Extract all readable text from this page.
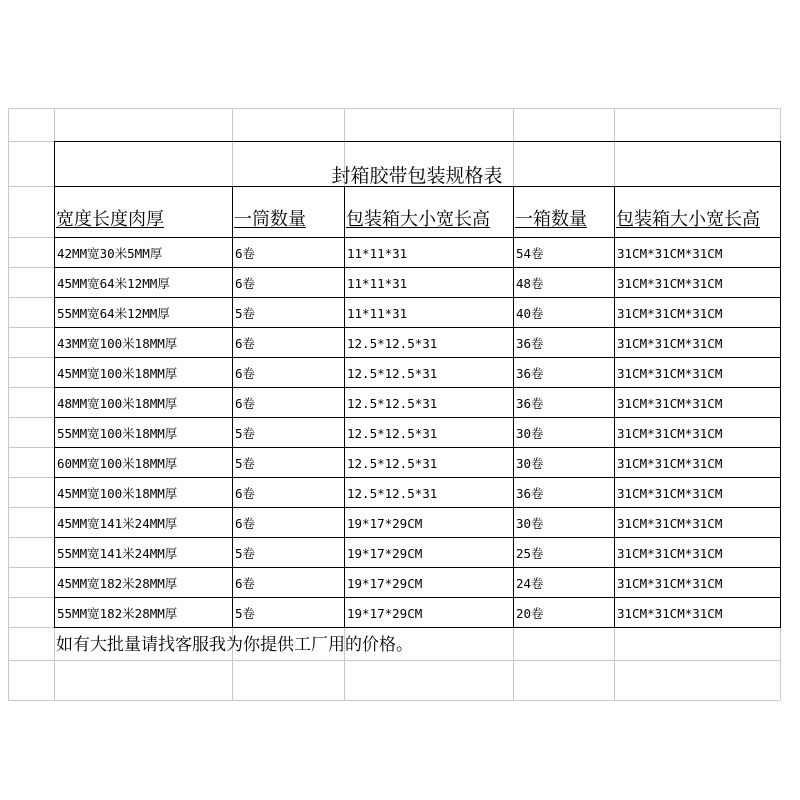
封箱胶带包装规格表
宽度长度肉厚	一筒数量	包装箱大小宽长高	一箱数量	包装箱大小宽长高
42MM宽30米5MM厚	6卷	11*11*31	54卷	31CM*31CM*31CM
45MM宽64米12MM厚	6卷	11*11*31	48卷	31CM*31CM*31CM
55MM宽64米12MM厚	5卷	11*11*31	40卷	31CM*31CM*31CM
43MM宽100米18MM厚	6卷	12.5*12.5*31	36卷	31CM*31CM*31CM
45MM宽100米18MM厚	6卷	12.5*12.5*31	36卷	31CM*31CM*31CM
48MM宽100米18MM厚	6卷	12.5*12.5*31	36卷	31CM*31CM*31CM
55MM宽100米18MM厚	5卷	12.5*12.5*31	30卷	31CM*31CM*31CM
60MM宽100米18MM厚	5卷	12.5*12.5*31	30卷	31CM*31CM*31CM
45MM宽100米18MM厚	6卷	12.5*12.5*31	36卷	31CM*31CM*31CM
45MM宽141米24MM厚	6卷	19*17*29CM	30卷	31CM*31CM*31CM
55MM宽141米24MM厚	5卷	19*17*29CM	25卷	31CM*31CM*31CM
45MM宽182米28MM厚	6卷	19*17*29CM	24卷	31CM*31CM*31CM
55MM宽182米28MM厚	5卷	19*17*29CM	20卷	31CM*31CM*31CM
如有大批量请找客服我为你提供工厂用的价格。
